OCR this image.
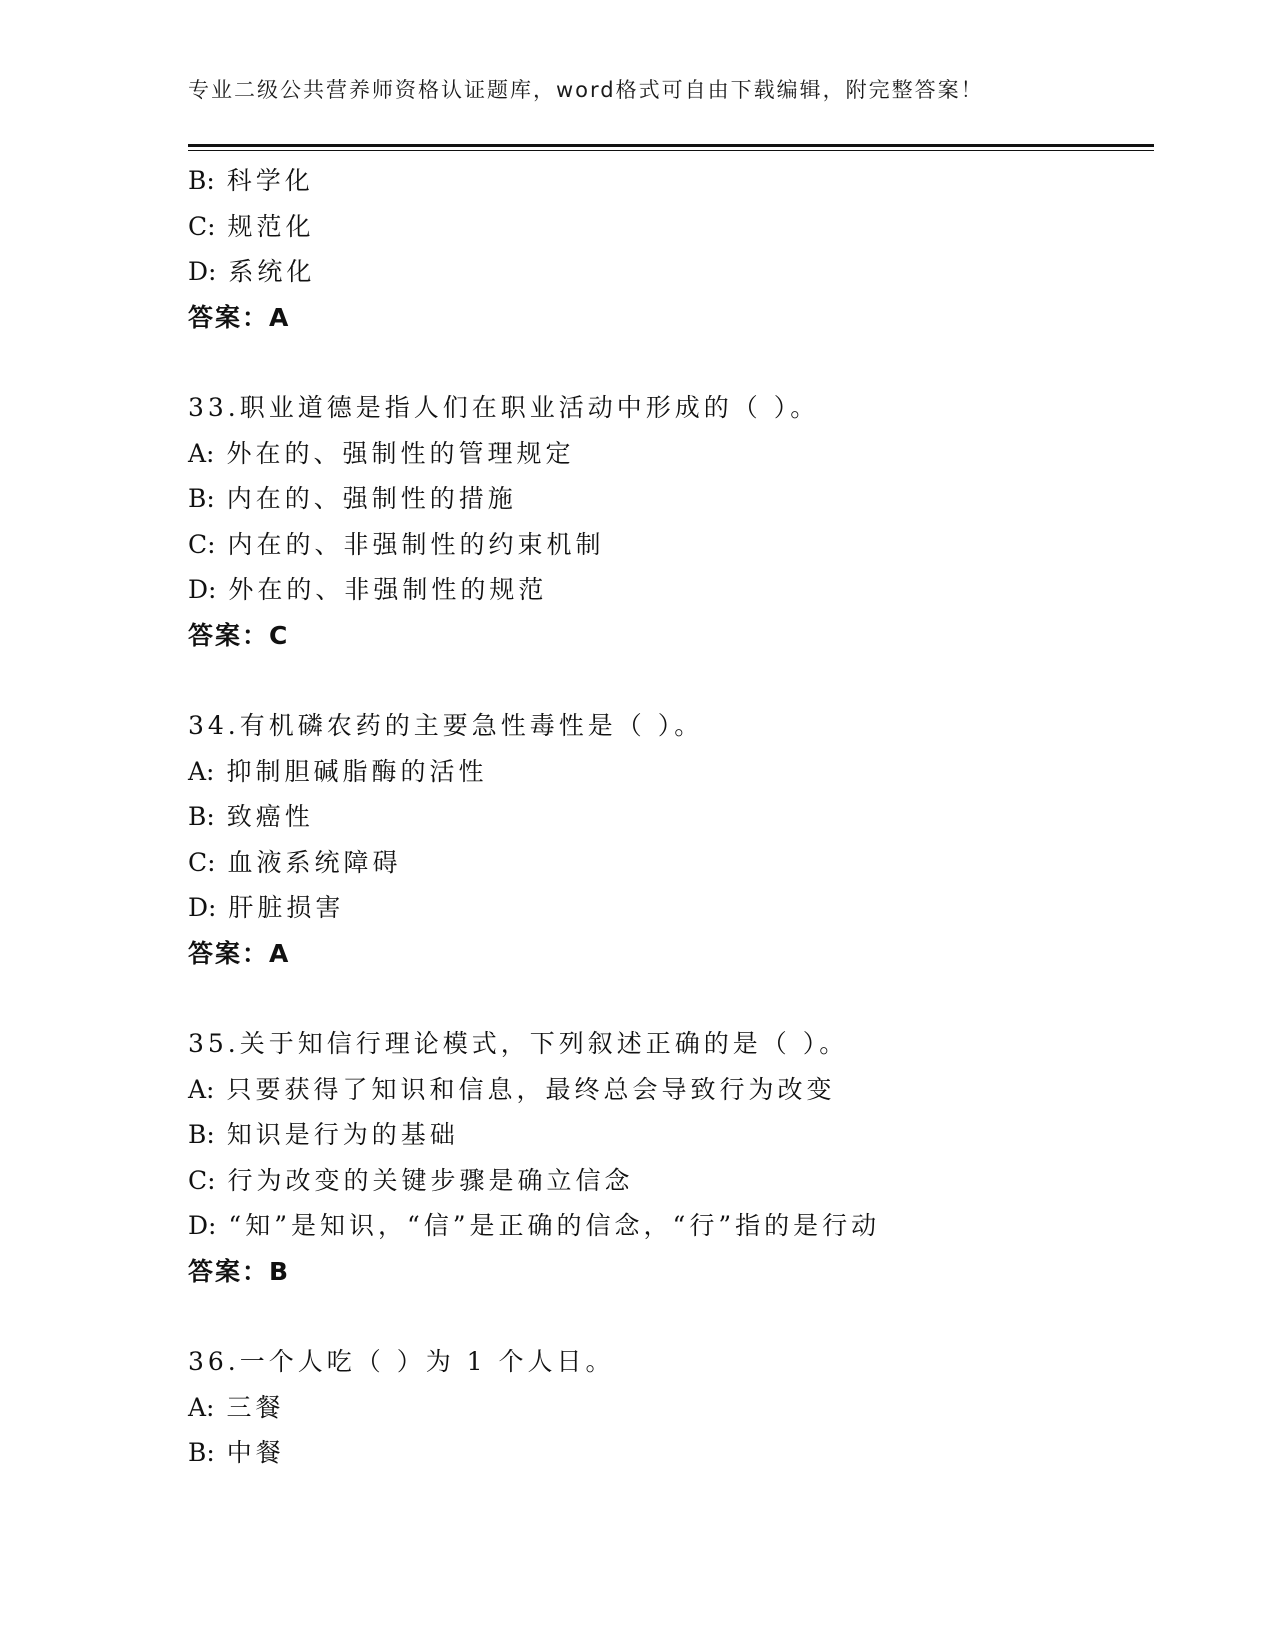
专业二级公共营养师资格认证题库，word格式可自由下载编辑，附完整答案！
B: 科学化
C: 规范化
D: 系统化
答案：A
33.职业道德是指人们在职业活动中形成的（ ）。
A: 外在的、强制性的管理规定
B: 内在的、强制性的措施
C: 内在的、非强制性的约束机制
D: 外在的、非强制性的规范
答案：C
34.有机磷农药的主要急性毒性是（ ）。
A: 抑制胆碱脂酶的活性
B: 致癌性
C: 血液系统障碍
D: 肝脏损害
答案：A
35.关于知信行理论模式，下列叙述正确的是（ ）。
A: 只要获得了知识和信息，最终总会导致行为改变
B: 知识是行为的基础
C: 行为改变的关键步骤是确立信念
D: “知”是知识，“信”是正确的信念，“行”指的是行动
答案：B
36.一个人吃（ ）为 1 个人日。
A: 三餐
B: 中餐
